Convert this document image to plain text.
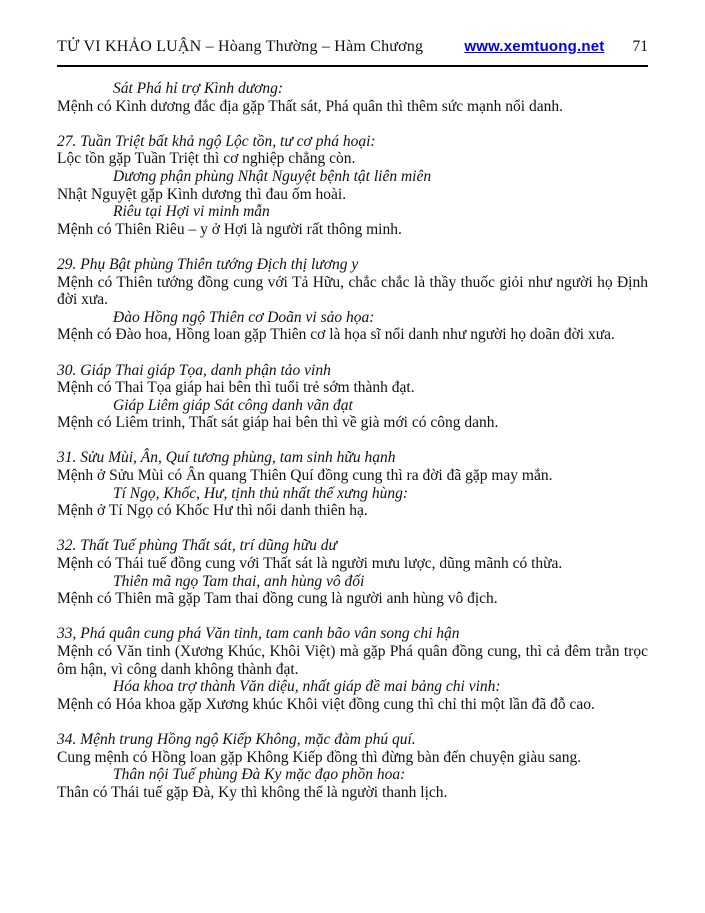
TỬ VI KHẢO LUẬN – Hòang Thường – Hàm Chương	www.xemtuong.net 71

Sát Phá hỉ trợ Kình dương:

Mệnh có Kình dương đắc địa gặp Thất sát, Phá quân thì thêm sức mạnh nổi danh.

27. Tuần Triệt bất khả ngộ Lộc tồn, tư cơ phá hoại:

Lộc tồn gặp Tuần Triệt thì cơ nghiệp chẳng còn.

Dương phận phùng Nhật Nguyệt bệnh tật liên miên

Nhật Nguyệt gặp Kình dương thì đau ốm hoài.

Riêu tại Hợi vi minh mẫn

Mệnh có Thiên Riêu – y ở Hợi là người rất thông minh.

29. Phụ Bật phùng Thiên tướng Địch thị lương y

Mệnh có Thiên tướng đồng cung với Tả Hữu, chắc chắc là thầy thuốc giỏi như người họ Định đời xưa.

Đào Hồng ngộ Thiên cơ Doãn vi sảo họa:

Mệnh có Đào hoa, Hồng loan gặp Thiên cơ là họa sĩ nổi danh như người họ doãn đời xưa.

30. Giáp Thai giáp Tọa, danh phận tảo vinh

Mệnh có Thai Tọa giáp hai bên thì tuổi trẻ sớm thành đạt.

Giáp Liêm giáp Sát công danh vãn đạt

Mệnh có Liêm trinh, Thất sát giáp hai bên thì về già mới có công danh.

31. Sửu Mùi, Ân, Quí tương phùng, tam sinh hữu hạnh

Mệnh ở Sửu Mùi có Ân quang Thiên Quí đồng cung thì ra đời đã gặp may mắn.

Tí Ngọ, Khốc, Hư, tịnh thủ nhất thế xưng hùng:

Mệnh ở Tí Ngọ có Khốc Hư thì nổi danh thiên hạ.

32. Thất Tuế phùng Thất sát, trí dũng hữu dư

Mệnh có Thái tuế đồng cung với Thất sát là người mưu lược, dũng mãnh có thừa.

Thiên mã ngọ Tam thai, anh hùng vô đối

Mệnh có Thiên mã gặp Tam thai đồng cung là người anh hùng vô địch.

33, Phá quân cung phá Văn tinh, tam canh bão vân song chi hận

Mệnh có Văn tinh (Xương Khúc, Khôi Việt) mà gặp Phá quân đồng cung, thì cả đêm trằn trọc ôm hận, vì công danh không thành đạt.

Hóa khoa trợ thành Văn diệu, nhất giáp đề mai bảng chi vinh:

Mệnh có Hóa khoa gặp Xương khúc Khôi việt đồng cung thì chỉ thi một lần đã đỗ cao.

34. Mệnh trung Hồng ngộ Kiếp Không, mặc đàm phú quí.

Cung mệnh có Hồng loan gặp Không Kiếp đồng thì đừng bàn đến chuyện giàu sang.

Thân nội Tuế phùng Đà Ky mặc đạo phồn hoa:

Thân có Thái tuế gặp Đà, Ky thì không thể là người thanh lịch.
